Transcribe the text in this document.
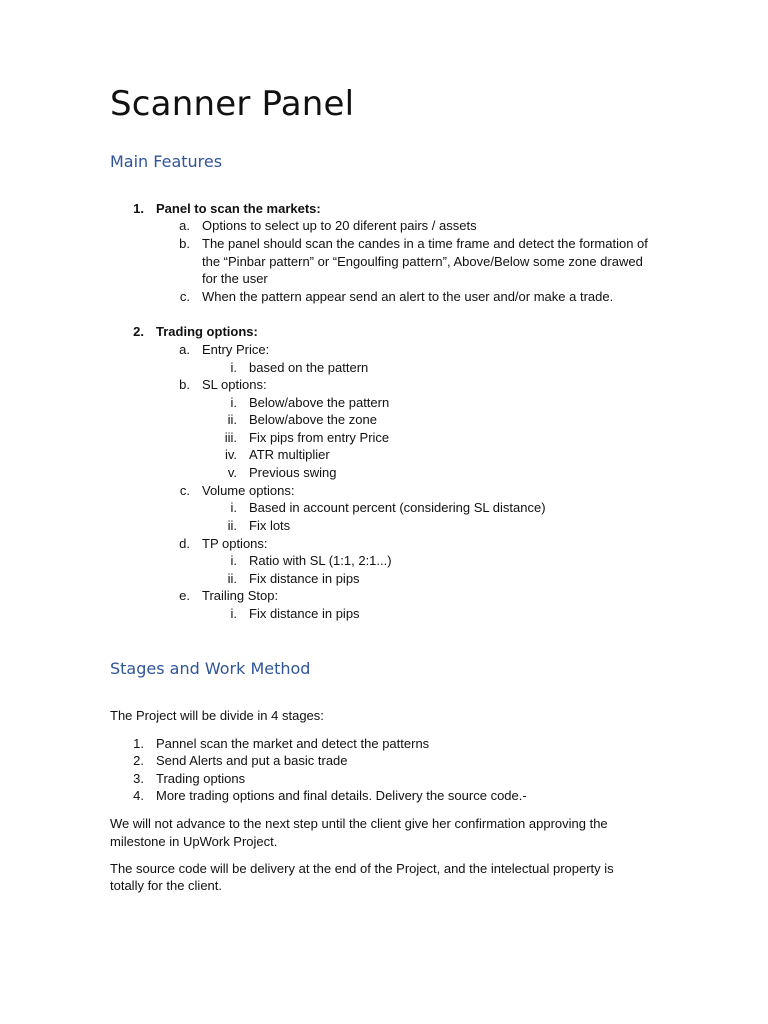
Scanner Panel
Main Features
1. Panel to scan the markets:
a. Options to select up to 20 diferent pairs / assets
b. The panel should scan the candes in a time frame and detect the formation of
the “Pinbar pattern” or “Engoulfing pattern”, Above/Below some zone drawed
for the user
c. When the pattern appear send an alert to the user and/or make a trade.
2. Trading options:
a. Entry Price:
i. based on the pattern
b. SL options:
i. Below/above the pattern
ii. Below/above the zone
iii. Fix pips from entry Price
iv. ATR multiplier
v. Previous swing
c. Volume options:
i. Based in account percent (considering SL distance)
ii. Fix lots
d. TP options:
i. Ratio with SL (1:1, 2:1...)
ii. Fix distance in pips
e. Trailing Stop:
i. Fix distance in pips
Stages and Work Method
The Project will be divide in 4 stages:
1. Pannel scan the market and detect the patterns
2. Send Alerts and put a basic trade
3. Trading options
4. More trading options and final details. Delivery the source code.-
We will not advance to the next step until the client give her confirmation approving the
milestone in UpWork Project.
The source code will be delivery at the end of the Project, and the intelectual property is
totally for the client.
